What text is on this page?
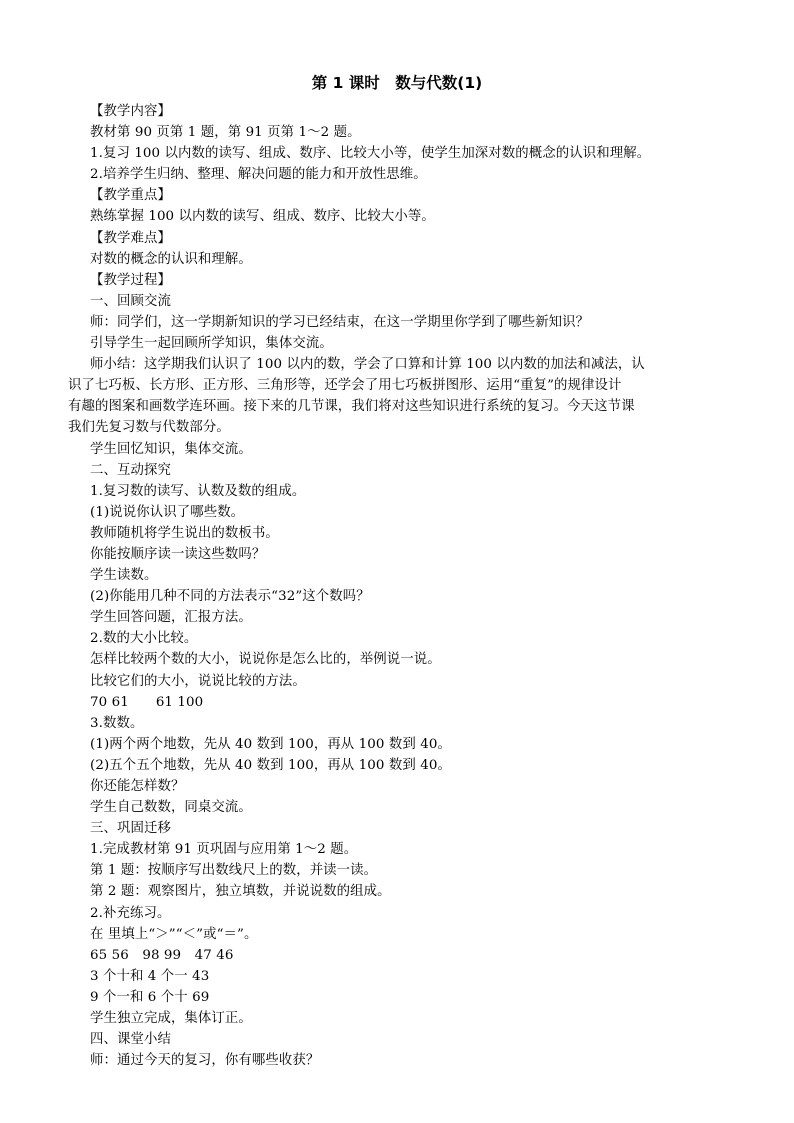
第 1 课时　数与代数(1)
【教学内容】
教材第 90 页第 1 题，第 91 页第 1～2 题。
1.复习 100 以内数的读写、组成、数序、比较大小等，使学生加深对数的概念的认识和理解。
2.培养学生归纳、整理、解决问题的能力和开放性思维。
【教学重点】
熟练掌握 100 以内数的读写、组成、数序、比较大小等。
【教学难点】
对数的概念的认识和理解。
【教学过程】
一、回顾交流
师：同学们，这一学期新知识的学习已经结束，在这一学期里你学到了哪些新知识？
引导学生一起回顾所学知识，集体交流。
师小结：这学期我们认识了 100 以内的数，学会了口算和计算 100 以内数的加法和减法，认
识了七巧板、长方形、正方形、三角形等，还学会了用七巧板拼图形、运用“重复”的规律设计
有趣的图案和画数学连环画。接下来的几节课，我们将对这些知识进行系统的复习。今天这节课
我们先复习数与代数部分。
学生回忆知识，集体交流。
二、互动探究
1.复习数的读写、认数及数的组成。
(1)说说你认识了哪些数。
教师随机将学生说出的数板书。
你能按顺序读一读这些数吗？
学生读数。
(2)你能用几种不同的方法表示“32”这个数吗？
学生回答问题，汇报方法。
2.数的大小比较。
怎样比较两个数的大小，说说你是怎么比的，举例说一说。
比较它们的大小，说说比较的方法。
70 61　　61 100
3.数数。
(1)两个两个地数，先从 40 数到 100，再从 100 数到 40。
(2)五个五个地数，先从 40 数到 100，再从 100 数到 40。
你还能怎样数？
学生自己数数，同桌交流。
三、巩固迁移
1.完成教材第 91 页巩固与应用第 1～2 题。
第 1 题：按顺序写出数线尺上的数，并读一读。
第 2 题：观察图片，独立填数，并说说数的组成。
2.补充练习。
在 里填上“＞”“＜”或“＝”。
65 56　98 99　47 46
3 个十和 4 个一 43
9 个一和 6 个十 69
学生独立完成，集体订正。
四、课堂小结
师：通过今天的复习，你有哪些收获？
